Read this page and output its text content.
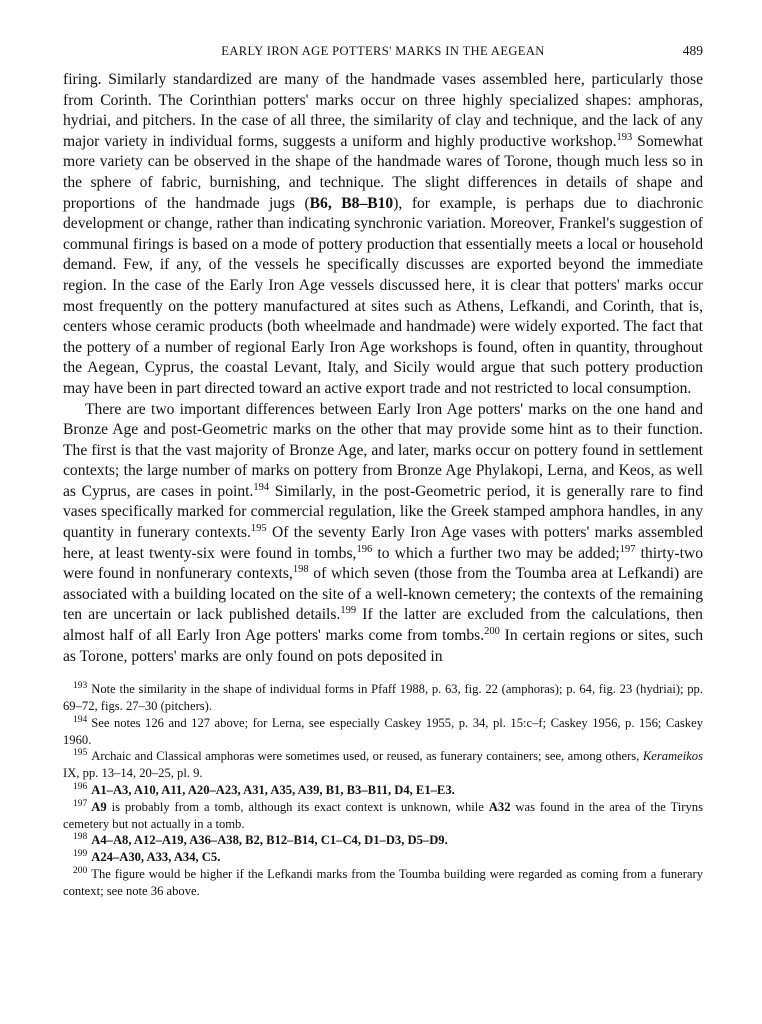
EARLY IRON AGE POTTERS' MARKS IN THE AEGEAN	489

firing. Similarly standardized are many of the handmade vases assembled here, particularly those from Corinth. The Corinthian potters' marks occur on three highly specialized shapes: amphoras, hydriai, and pitchers. In the case of all three, the similarity of clay and technique, and the lack of any major variety in individual forms, suggests a uniform and highly productive workshop.$^{193}$ Somewhat more variety can be observed in the shape of the handmade wares of Torone, though much less so in the sphere of fabric, burnishing, and technique. The slight differences in details of shape and proportions of the handmade jugs (B6, B8–B10), for example, is perhaps due to diachronic development or change, rather than indicating synchronic variation. Moreover, Frankel's suggestion of communal firings is based on a mode of pottery production that essentially meets a local or household demand. Few, if any, of the vessels he specifically discusses are exported beyond the immediate region. In the case of the Early Iron Age vessels discussed here, it is clear that potters' marks occur most frequently on the pottery manufactured at sites such as Athens, Lefkandi, and Corinth, that is, centers whose ceramic products (both wheelmade and handmade) were widely exported. The fact that the pottery of a number of regional Early Iron Age workshops is found, often in quantity, throughout the Aegean, Cyprus, the coastal Levant, Italy, and Sicily would argue that such pottery production may have been in part directed toward an active export trade and not restricted to local consumption.

There are two important differences between Early Iron Age potters' marks on the one hand and Bronze Age and post-Geometric marks on the other that may provide some hint as to their function. The first is that the vast majority of Bronze Age, and later, marks occur on pottery found in settlement contexts; the large number of marks on pottery from Bronze Age Phylakopi, Lerna, and Keos, as well as Cyprus, are cases in point.$^{194}$ Similarly, in the post-Geometric period, it is generally rare to find vases specifically marked for commercial regulation, like the Greek stamped amphora handles, in any quantity in funerary contexts.$^{195}$ Of the seventy Early Iron Age vases with potters' marks assembled here, at least twenty-six were found in tombs,$^{196}$ to which a further two may be added;$^{197}$ thirty-two were found in nonfunerary contexts,$^{198}$ of which seven (those from the Toumba area at Lefkandi) are associated with a building located on the site of a well-known cemetery; the contexts of the remaining ten are uncertain or lack published details.$^{199}$ If the latter are excluded from the calculations, then almost half of all Early Iron Age potters' marks come from tombs.$^{200}$ In certain regions or sites, such as Torone, potters' marks are only found on pots deposited in

$^{193}$ Note the similarity in the shape of individual forms in Pfaff 1988, p. 63, fig. 22 (amphoras); p. 64, fig. 23 (hydriai); pp. 69–72, figs. 27–30 (pitchers).

$^{194}$ See notes 126 and 127 above; for Lerna, see especially Caskey 1955, p. 34, pl. 15:c–f; Caskey 1956, p. 156; Caskey 1960.

$^{195}$ Archaic and Classical amphoras were sometimes used, or reused, as funerary containers; see, among others, Kerameikos IX, pp. 13–14, 20–25, pl. 9.

$^{196}$ A1–A3, A10, A11, A20–A23, A31, A35, A39, B1, B3–B11, D4, E1–E3.

$^{197}$ A9 is probably from a tomb, although its exact context is unknown, while A32 was found in the area of the Tiryns cemetery but not actually in a tomb.

$^{198}$ A4–A8, A12–A19, A36–A38, B2, B12–B14, C1–C4, D1–D3, D5–D9.

$^{199}$ A24–A30, A33, A34, C5.

$^{200}$ The figure would be higher if the Lefkandi marks from the Toumba building were regarded as coming from a funerary context; see note 36 above.
